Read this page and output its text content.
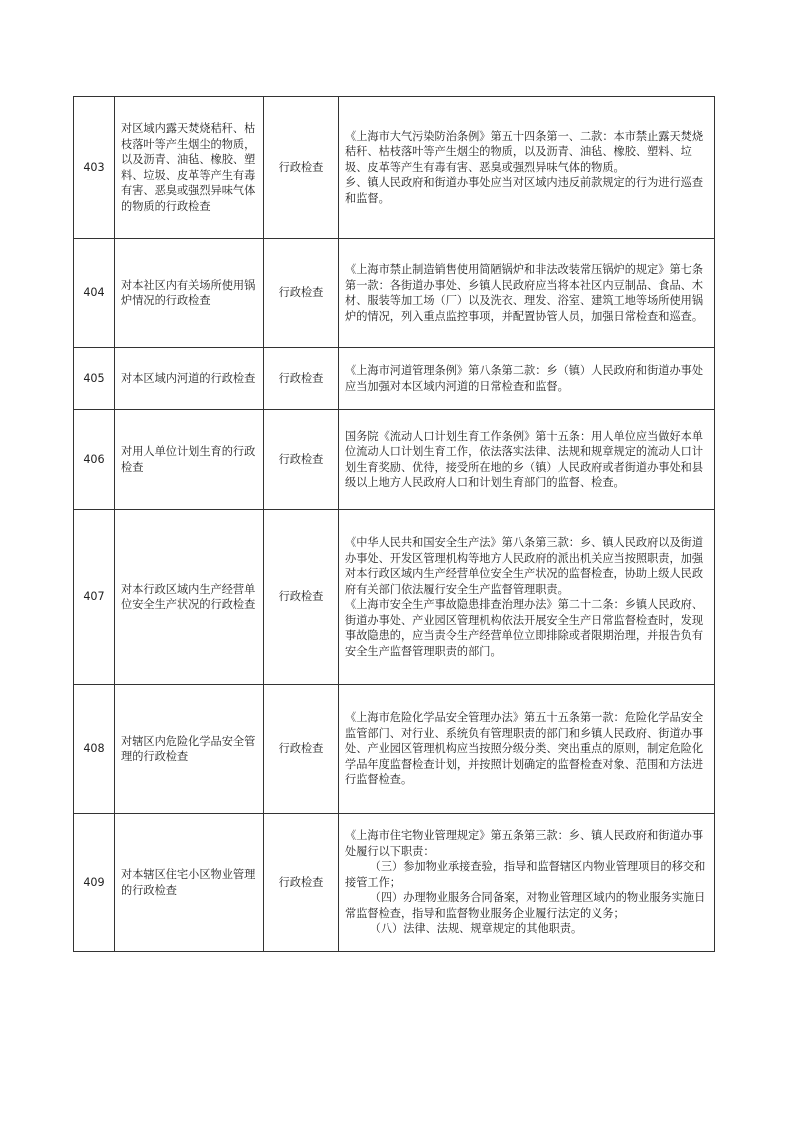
403	对区域内露天焚烧秸秆、枯枝落叶等产生烟尘的物质，以及沥青、油毡、橡胶、塑料、垃圾、皮革等产生有毒有害、恶臭或强烈异味气体的物质的行政检查	行政检查	《上海市大气污染防治条例》第五十四条第一、二款：本市禁止露天焚烧秸秆、枯枝落叶等产生烟尘的物质，以及沥青、油毡、橡胶、塑料、垃圾、皮革等产生有毒有害、恶臭或强烈异味气体的物质。
乡、镇人民政府和街道办事处应当对区域内违反前款规定的行为进行巡查和监督。

404	对本社区内有关场所使用锅炉情况的行政检查	行政检查	《上海市禁止制造销售使用简陋锅炉和非法改装常压锅炉的规定》第七条第一款：各街道办事处、乡镇人民政府应当将本社区内豆制品、食品、木材、服装等加工场（厂）以及洗衣、理发、浴室、建筑工地等场所使用锅炉的情况，列入重点监控事项，并配置协管人员，加强日常检查和巡查。

405	对本区域内河道的行政检查	行政检查	《上海市河道管理条例》第八条第二款：乡（镇）人民政府和街道办事处应当加强对本区域内河道的日常检查和监督。

406	对用人单位计划生育的行政检查	行政检查	国务院《流动人口计划生育工作条例》第十五条：用人单位应当做好本单位流动人口计划生育工作，依法落实法律、法规和规章规定的流动人口计划生育奖励、优待，接受所在地的乡（镇）人民政府或者街道办事处和县级以上地方人民政府人口和计划生育部门的监督、检查。

407	对本行政区域内生产经营单位安全生产状况的行政检查	行政检查	《中华人民共和国安全生产法》第八条第三款：乡、镇人民政府以及街道办事处、开发区管理机构等地方人民政府的派出机关应当按照职责，加强对本行政区域内生产经营单位安全生产状况的监督检查，协助上级人民政府有关部门依法履行安全生产监督管理职责。
《上海市安全生产事故隐患排查治理办法》第二十二条：乡镇人民政府、街道办事处、产业园区管理机构依法开展安全生产日常监督检查时，发现事故隐患的，应当责令生产经营单位立即排除或者限期治理，并报告负有安全生产监督管理职责的部门。

408	对辖区内危险化学品安全管理的行政检查	行政检查	《上海市危险化学品安全管理办法》第五十五条第一款：危险化学品安全监管部门、对行业、系统负有管理职责的部门和乡镇人民政府、街道办事处、产业园区管理机构应当按照分级分类、突出重点的原则，制定危险化学品年度监督检查计划，并按照计划确定的监督检查对象、范围和方法进行监督检查。

409	对本辖区住宅小区物业管理的行政检查	行政检查	《上海市住宅物业管理规定》第五条第三款：乡、镇人民政府和街道办事处履行以下职责：
（三）参加物业承接查验，指导和监督辖区内物业管理项目的移交和接管工作；
（四）办理物业服务合同备案，对物业管理区域内的物业服务实施日常监督检查，指导和监督物业服务企业履行法定的义务；
（八）法律、法规、规章规定的其他职责。
